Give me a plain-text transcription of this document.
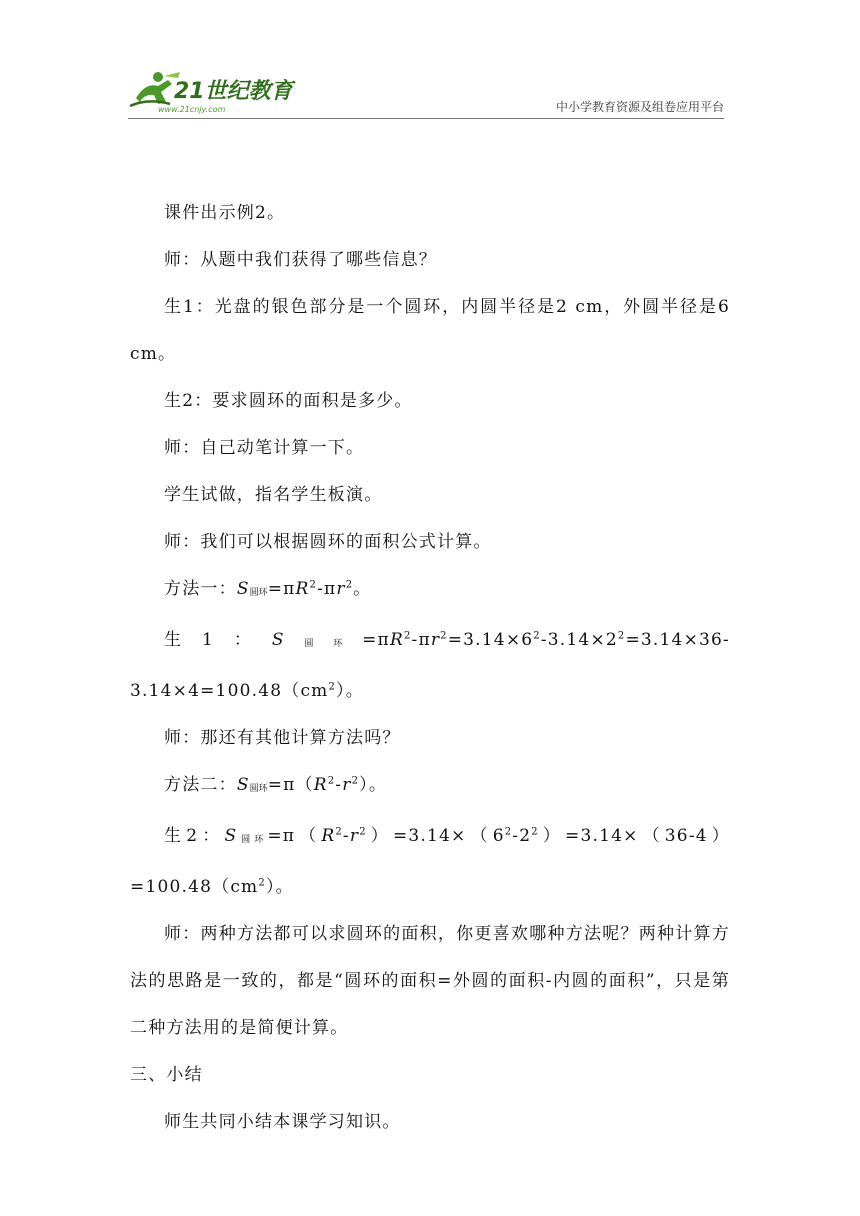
21世纪教育
www.21cnjy.com	中小学教育资源及组卷应用平台

课件出示例2。

师：从题中我们获得了哪些信息？

生1：光盘的银色部分是一个圆环，内圆半径是2 cm，外圆半径是6 cm。

生2：要求圆环的面积是多少。

师：自己动笔计算一下。

学生试做，指名学生板演。

师：我们可以根据圆环的面积公式计算。

方法一：S圆环$=\pi R^2-\pi r^2$。

生1：S圆环$=\pi R^2-\pi r^2=3.14\times 6^2-3.14\times 2^2=3.14\times 36-3.14\times 4=100.48(cm^2)$。

师：那还有其他计算方法吗？

方法二：S圆环$=\pi(R^2-r^2)$。

生2：S圆环$=\pi(R^2-r^2)=3.14\times(6^2-2^2)=3.14\times(36-4)=100.48(cm^2)$。

师：两种方法都可以求圆环的面积，你更喜欢哪种方法呢？两种计算方法的思路是一致的，都是“圆环的面积=外圆的面积-内圆的面积”，只是第二种方法用的是简便计算。

三、小结

师生共同小结本课学习知识。
